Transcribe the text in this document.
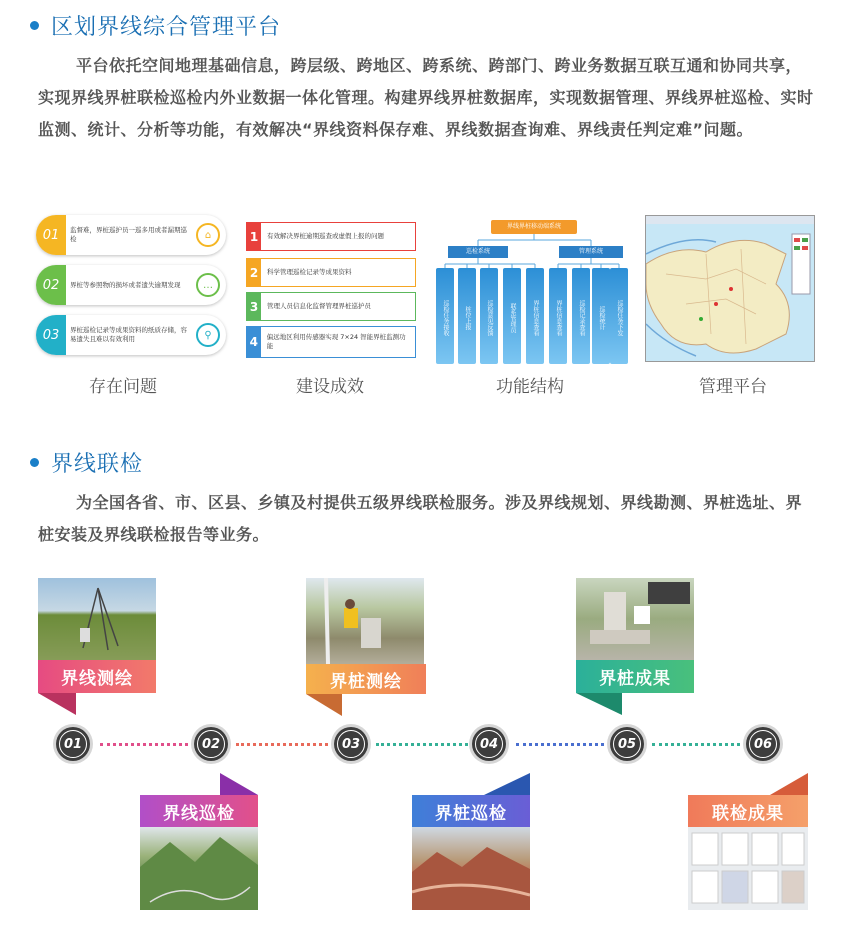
区划界线综合管理平台
平台依托空间地理基础信息，跨层级、跨地区、跨系统、跨部门、跨业务数据互联互通和协同共享，实现界线界桩联检巡检内外业数据一体化管理。构建界线界桩数据库，实现数据管理、界线界桩巡检、实时监测、统计、分析等功能，有效解决“界线资料保存难、界线数据查询难、界线责任判定难”问题。
01	监督难，界桩巡护员一巡多用或者漏期巡检	⌂
02	界桩等参照物的损坏或者遗失逾期发现	…
03	界桩巡检记录等成果资料的纸质存储，容易遗失且难以有效利用	⚲
存在问题
1	有效解决界桩逾期巡查或虚假上报的问题
2	科学管理巡检记录等成果资料
3	管理人员信息化监督管理界桩巡护员
4	偏远地区利用传感器实现 7×24 智能界桩监测功能
建设成效
界线界桩移动端系统
巡检系统	管理系统
巡检任务接收	桩位上报	巡检意见反馈	联系管理员	界桩信息查看	界桩信息查看	巡检记录查看	巡检统计	巡检任务下发
功能结构	管理平台
界线联检
为全国各省、市、区县、乡镇及村提供五级界线联检服务。涉及界线规划、界线勘测、界桩选址、界桩安装及界线联检报告等业务。
界线测绘	界桩测绘	界桩成果
01	02	03	04	05	06
界线巡检	界桩巡检	联检成果
